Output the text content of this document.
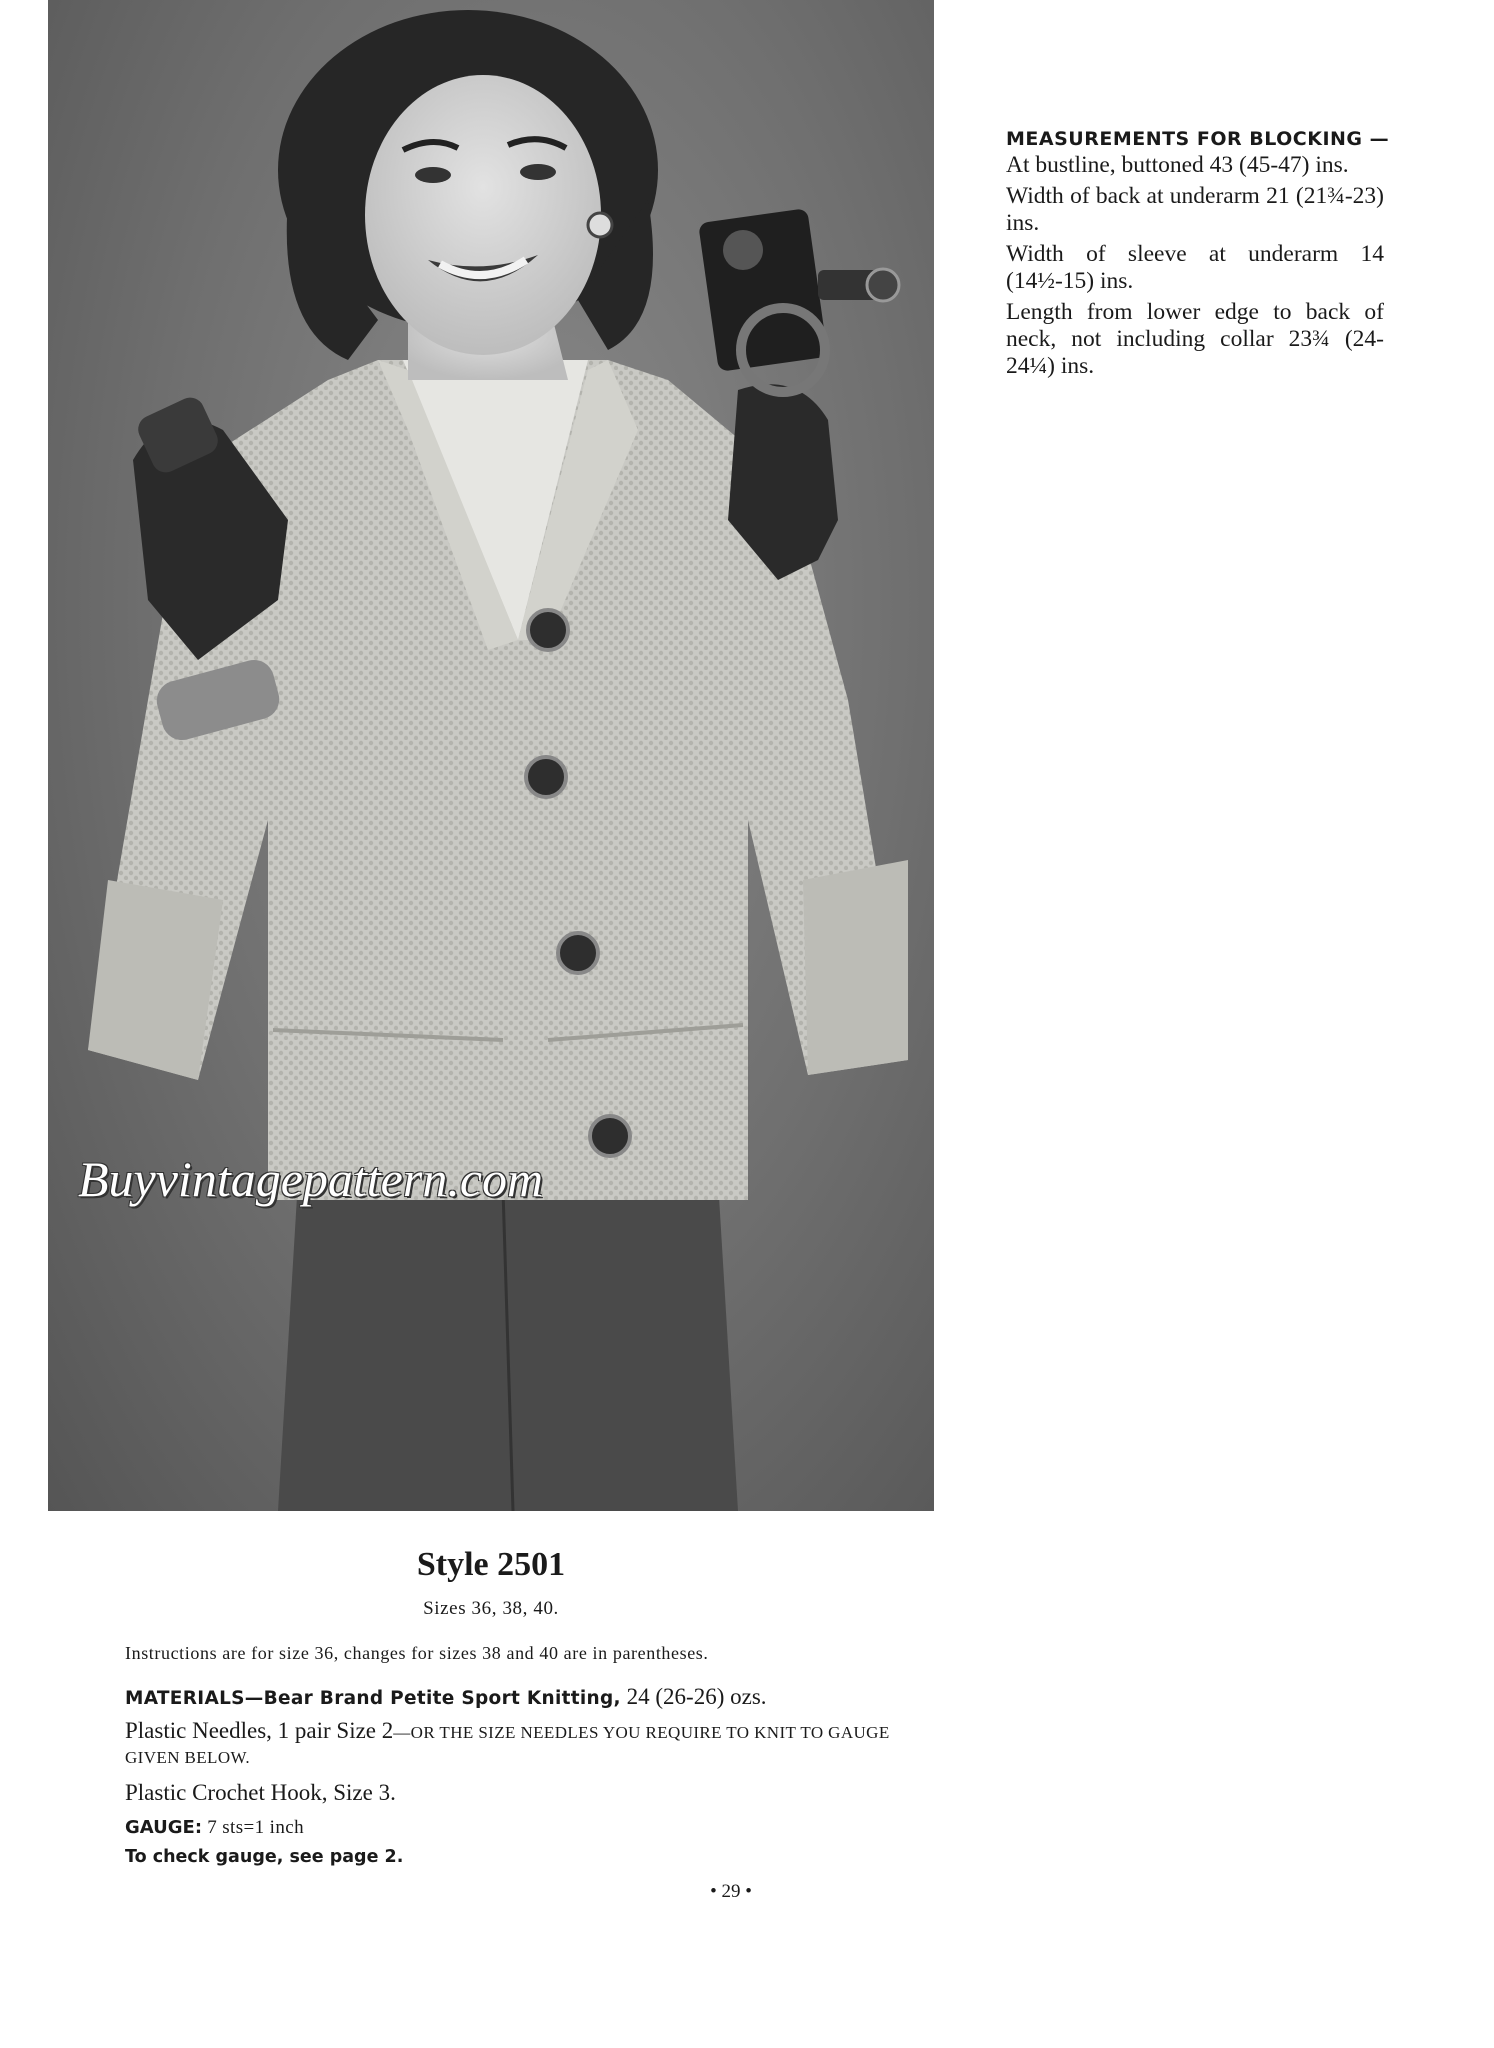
Buyvintagepattern.com
MEASUREMENTS FOR BLOCKING —
At bustline, buttoned 43 (45-47) ins.
Width of back at underarm 21 (21¾-23) ins.
Width of sleeve at underarm 14 (14½-15) ins.
Length from lower edge to back of neck, not including collar 23¾ (24-24¼) ins.
Style 2501
Sizes 36, 38, 40.
Instructions are for size 36, changes for sizes 38 and 40 are in parentheses.
MATERIALS—Bear Brand Petite Sport Knitting, 24 (26-26) ozs.
Plastic Needles, 1 pair Size 2—OR THE SIZE NEEDLES YOU REQUIRE TO KNIT TO GAUGE GIVEN BELOW.
Plastic Crochet Hook, Size 3.
GAUGE: 7 sts=1 inch
To check gauge, see page 2.
• 29 •
